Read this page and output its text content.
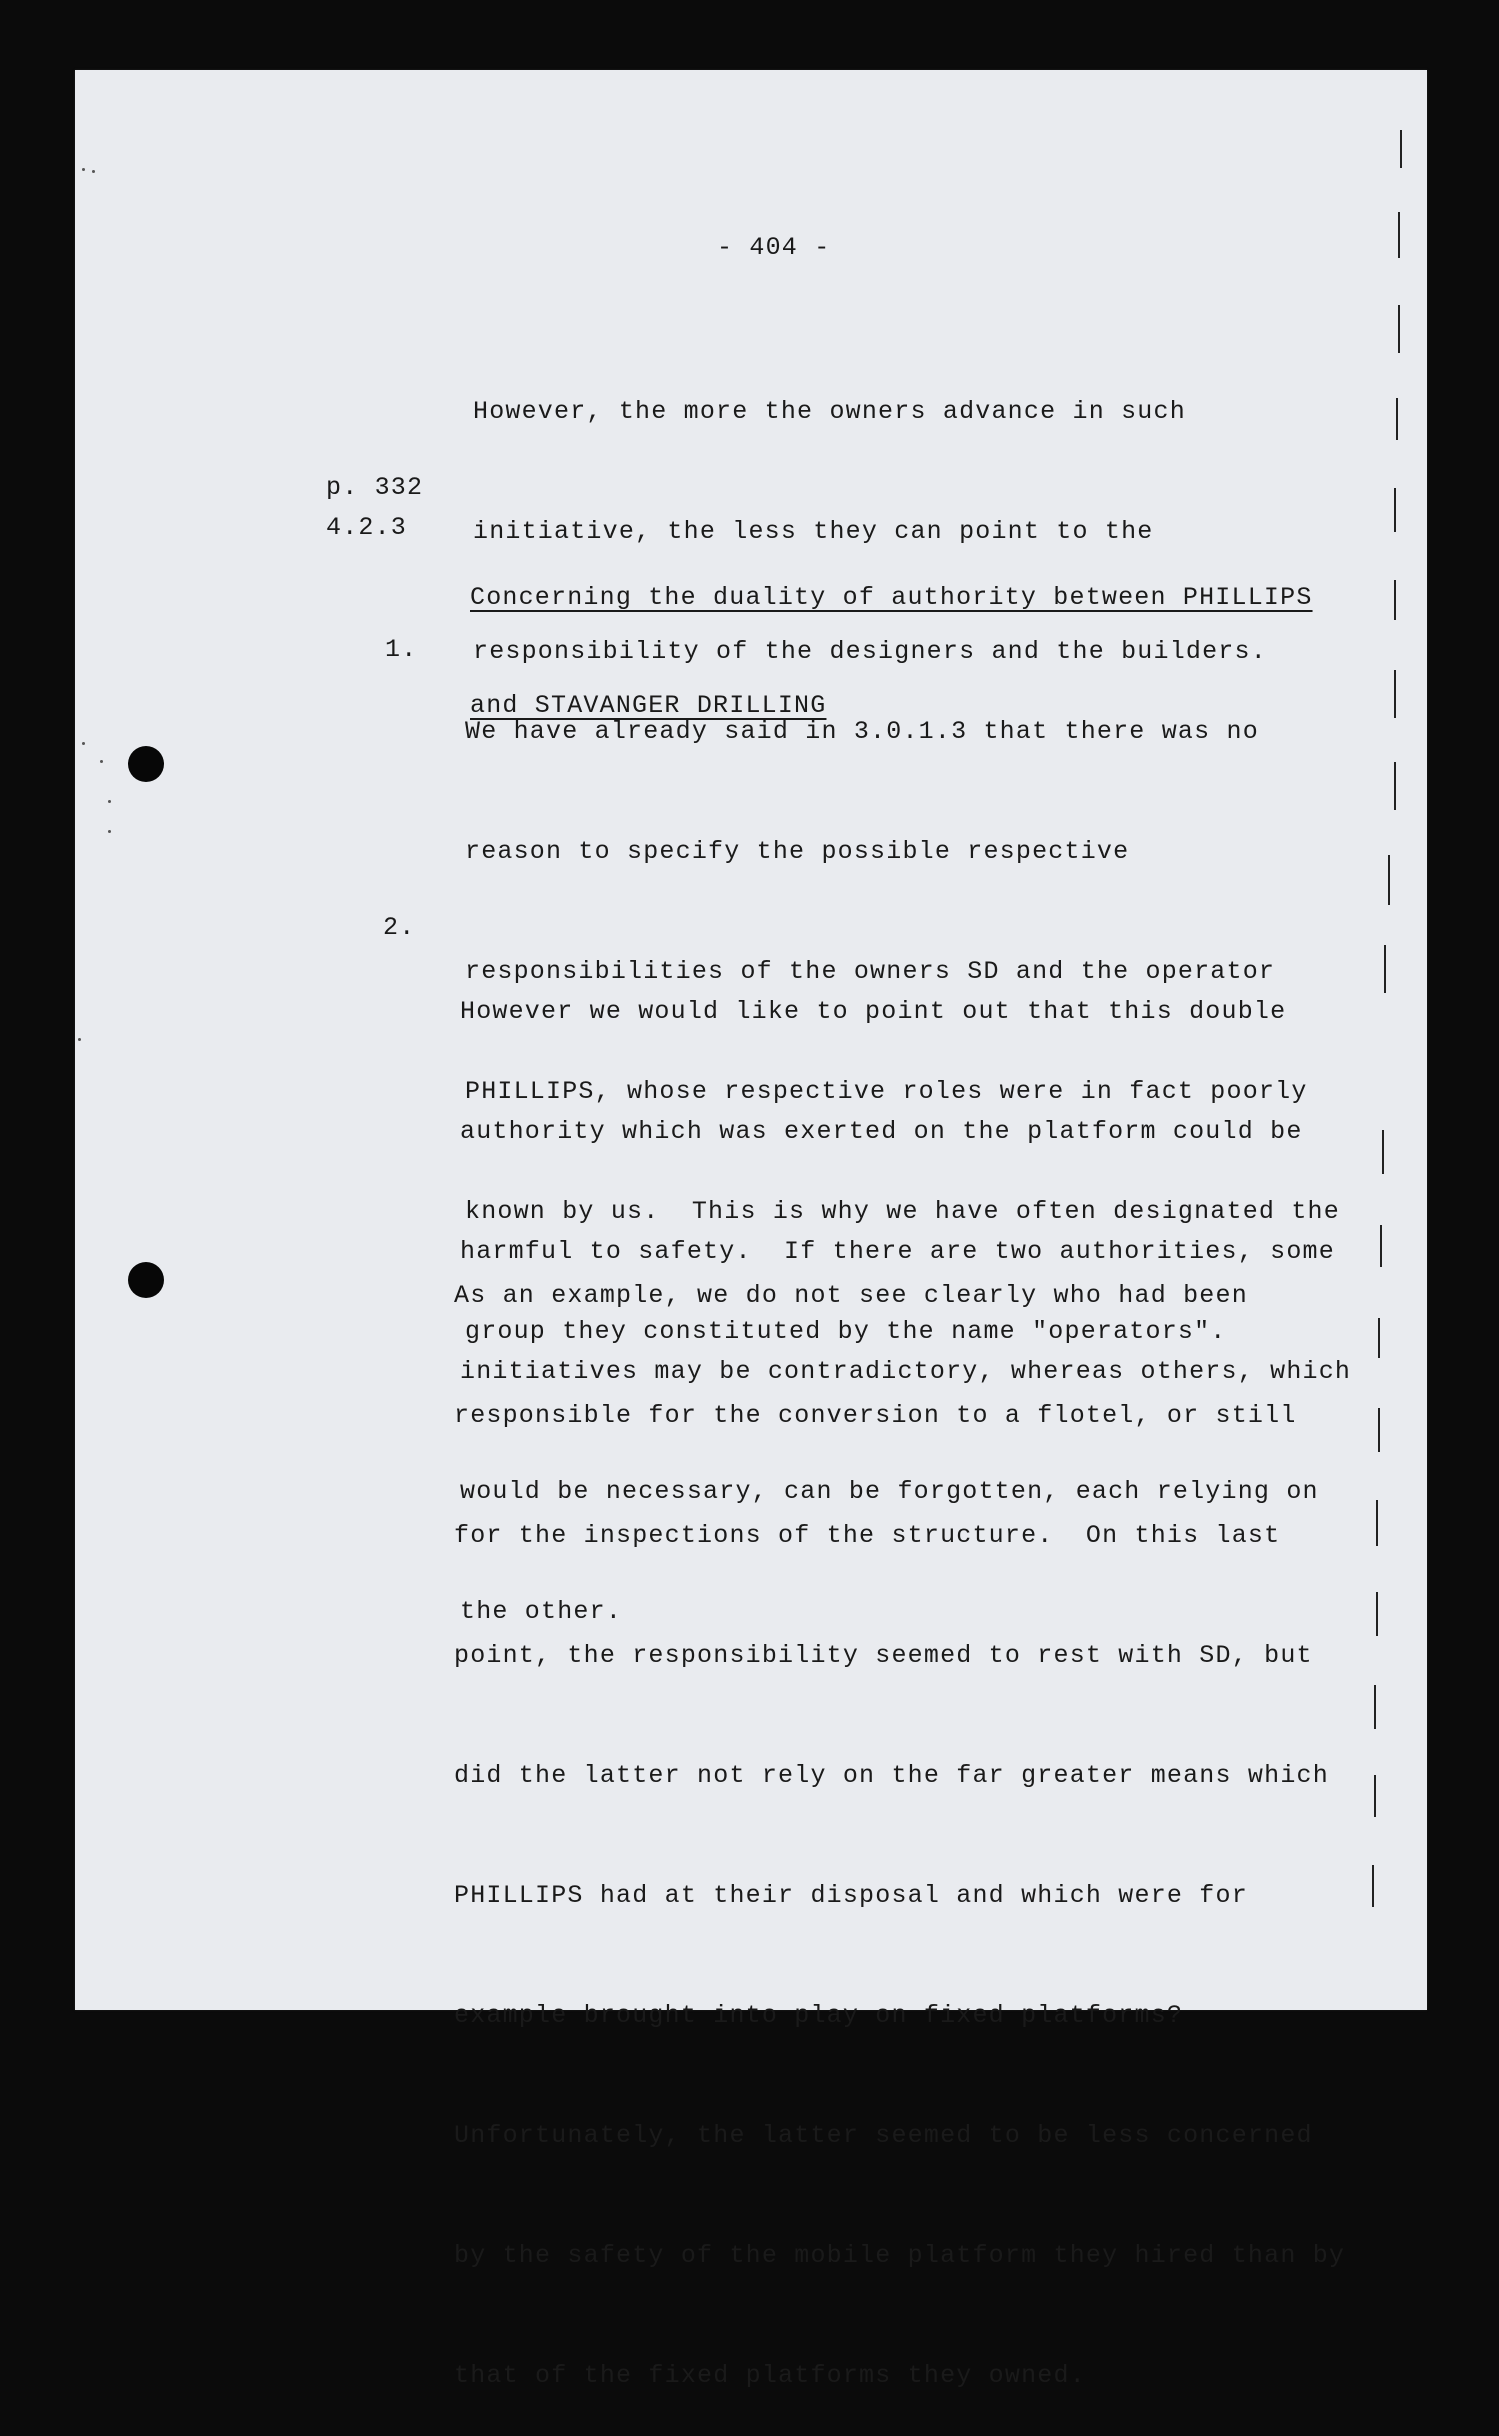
- 404 -

However, the more the owners advance in such

initiative, the less they can point to the

responsibility of the designers and the builders.

p. 332

4.2.3

Concerning the duality of authority between PHILLIPS

and STAVANGER DRILLING

1.

We have already said in 3.0.1.3 that there was no

reason to specify the possible respective

responsibilities of the owners SD and the operator

PHILLIPS, whose respective roles were in fact poorly

known by us.  This is why we have often designated the

group they constituted by the name "operators".

2.

However we would like to point out that this double

authority which was exerted on the platform could be

harmful to safety.  If there are two authorities, some

initiatives may be contradictory, whereas others, which

would be necessary, can be forgotten, each relying on

the other.

As an example, we do not see clearly who had been

responsible for the conversion to a flotel, or still

for the inspections of the structure.  On this last

point, the responsibility seemed to rest with SD, but

did the latter not rely on the far greater means which

PHILLIPS had at their disposal and which were for

example brought into play on fixed platforms?

Unfortunately, the latter seemed to be less concerned

by the safety of the mobile platform they hired than by

that of the fixed platforms they owned.
